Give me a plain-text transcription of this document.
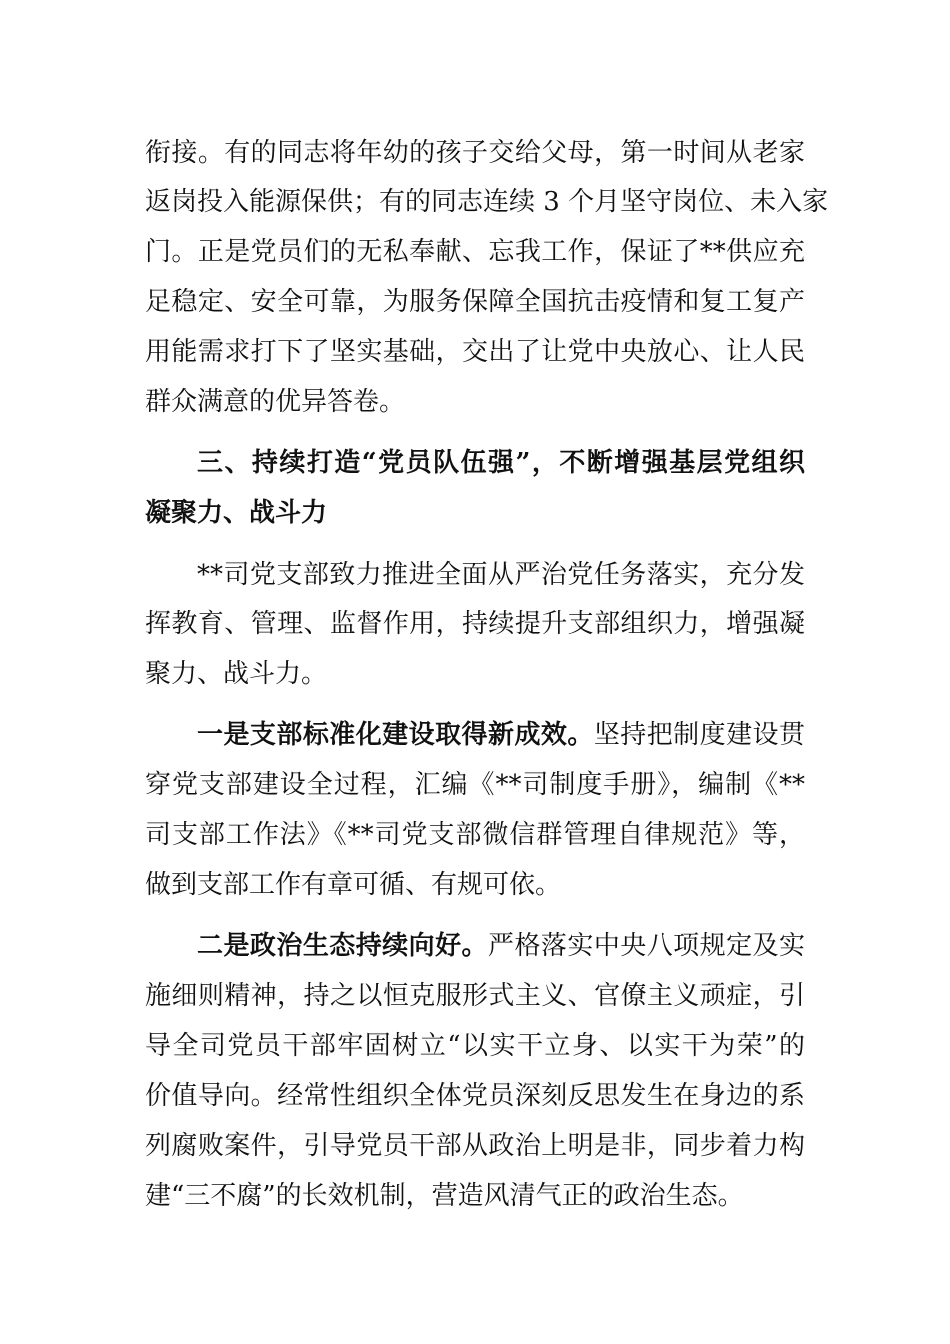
衔接。有的同志将年幼的孩子交给父母，第一时间从老家
返岗投入能源保供；有的同志连续 3 个月坚守岗位、未入家
门。正是党员们的无私奉献、忘我工作，保证了**供应充
足稳定、安全可靠，为服务保障全国抗击疫情和复工复产
用能需求打下了坚实基础，交出了让党中央放心、让人民
群众满意的优异答卷。
三、持续打造“党员队伍强”，不断增强基层党组织
凝聚力、战斗力
**司党支部致力推进全面从严治党任务落实，充分发
挥教育、管理、监督作用，持续提升支部组织力，增强凝
聚力、战斗力。
一是支部标准化建设取得新成效。坚持把制度建设贯
穿党支部建设全过程，汇编《**司制度手册》，编制《**
司支部工作法》《**司党支部微信群管理自律规范》等，
做到支部工作有章可循、有规可依。
二是政治生态持续向好。严格落实中央八项规定及实
施细则精神，持之以恒克服形式主义、官僚主义顽症，引
导全司党员干部牢固树立“以实干立身、以实干为荣”的
价值导向。经常性组织全体党员深刻反思发生在身边的系
列腐败案件，引导党员干部从政治上明是非，同步着力构
建“三不腐”的长效机制，营造风清气正的政治生态。
